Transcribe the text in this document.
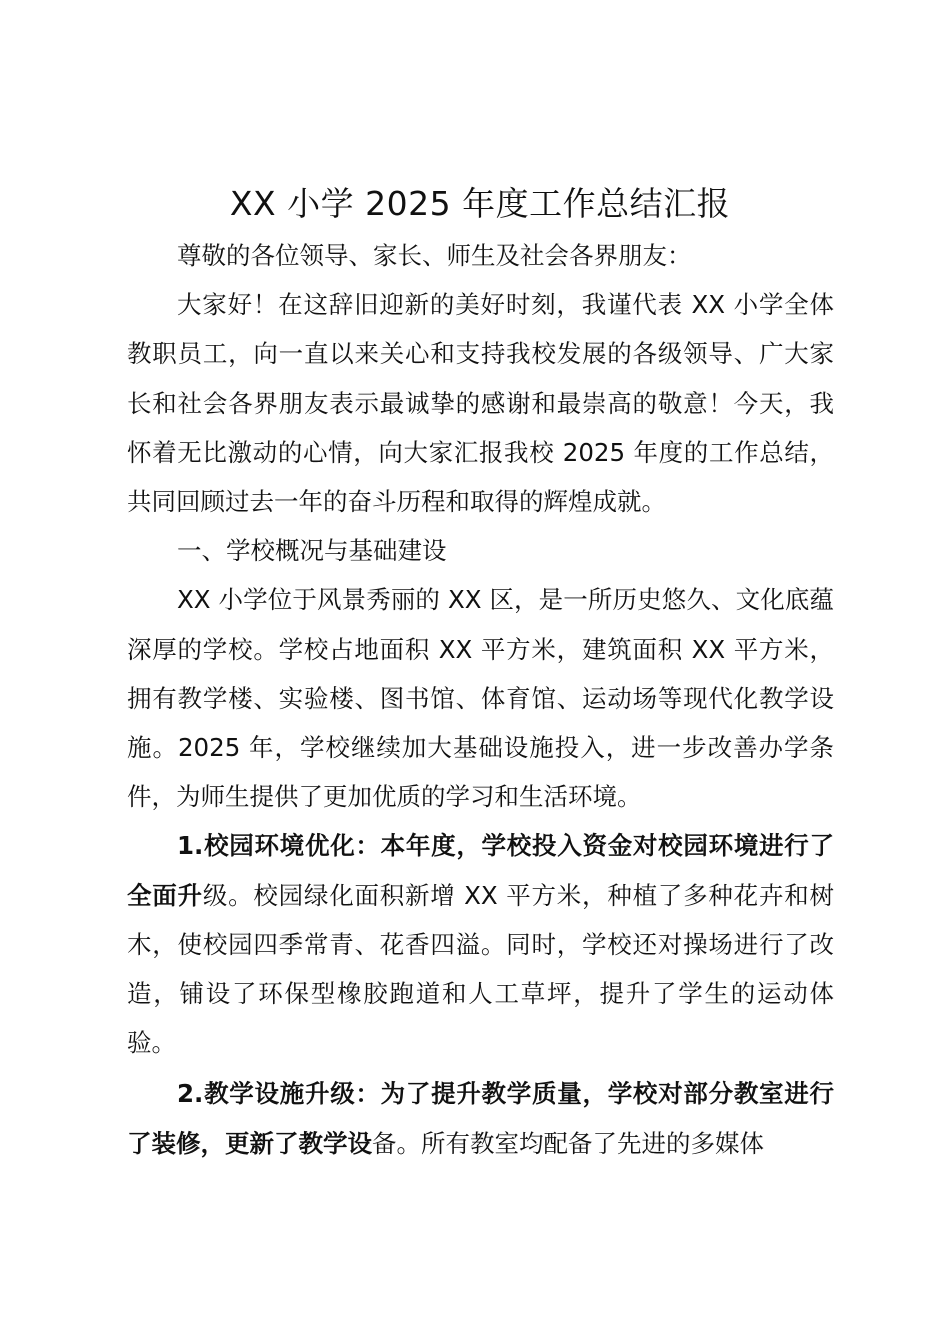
XX 小学 2025 年度工作总结汇报

尊敬的各位领导、家长、师生及社会各界朋友：

大家好！在这辞旧迎新的美好时刻，我谨代表 XX 小学全体教职员工，向一直以来关心和支持我校发展的各级领导、广大家长和社会各界朋友表示最诚挚的感谢和最崇高的敬意！今天，我怀着无比激动的心情，向大家汇报我校 2025 年度的工作总结，共同回顾过去一年的奋斗历程和取得的辉煌成就。

一、学校概况与基础建设

XX 小学位于风景秀丽的 XX 区，是一所历史悠久、文化底蕴深厚的学校。学校占地面积 XX 平方米，建筑面积 XX 平方米，拥有教学楼、实验楼、图书馆、体育馆、运动场等现代化教学设施。2025 年，学校继续加大基础设施投入，进一步改善办学条件，为师生提供了更加优质的学习和生活环境。

1.校园环境优化：本年度，学校投入资金对校园环境进行了全面升级。校园绿化面积新增 XX 平方米，种植了多种花卉和树木，使校园四季常青、花香四溢。同时，学校还对操场进行了改造，铺设了环保型橡胶跑道和人工草坪，提升了学生的运动体验。

2.教学设施升级：为了提升教学质量，学校对部分教室进行了装修，更新了教学设备。所有教室均配备了先进的多媒体
